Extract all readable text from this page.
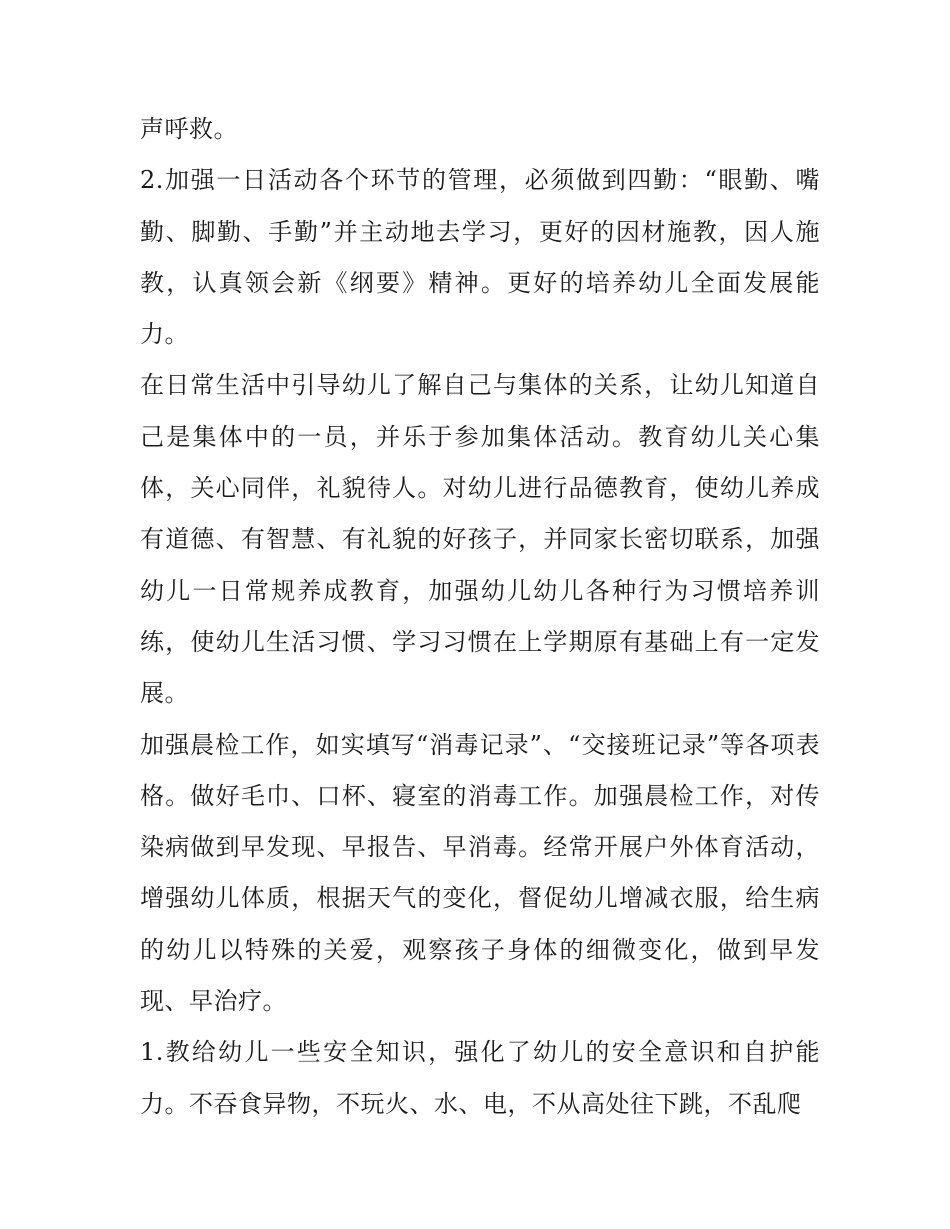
声呼救。

2.加强一日活动各个环节的管理，必须做到四勤：“眼勤、嘴勤、脚勤、手勤”并主动地去学习，更好的因材施教，因人施教，认真领会新《纲要》精神。更好的培养幼儿全面发展能力。

在日常生活中引导幼儿了解自己与集体的关系，让幼儿知道自己是集体中的一员，并乐于参加集体活动。教育幼儿关心集体，关心同伴，礼貌待人。对幼儿进行品德教育，使幼儿养成有道德、有智慧、有礼貌的好孩子，并同家长密切联系，加强幼儿一日常规养成教育，加强幼儿幼儿各种行为习惯培养训练，使幼儿生活习惯、学习习惯在上学期原有基础上有一定发展。

加强晨检工作，如实填写“消毒记录”、“交接班记录”等各项表格。做好毛巾、口杯、寝室的消毒工作。加强晨检工作，对传染病做到早发现、早报告、早消毒。经常开展户外体育活动，增强幼儿体质，根据天气的变化，督促幼儿增减衣服，给生病的幼儿以特殊的关爱，观察孩子身体的细微变化，做到早发现、早治疗。

1.教给幼儿一些安全知识，强化了幼儿的安全意识和自护能力。不吞食异物，不玩火、水、电，不从高处往下跳，不乱爬
